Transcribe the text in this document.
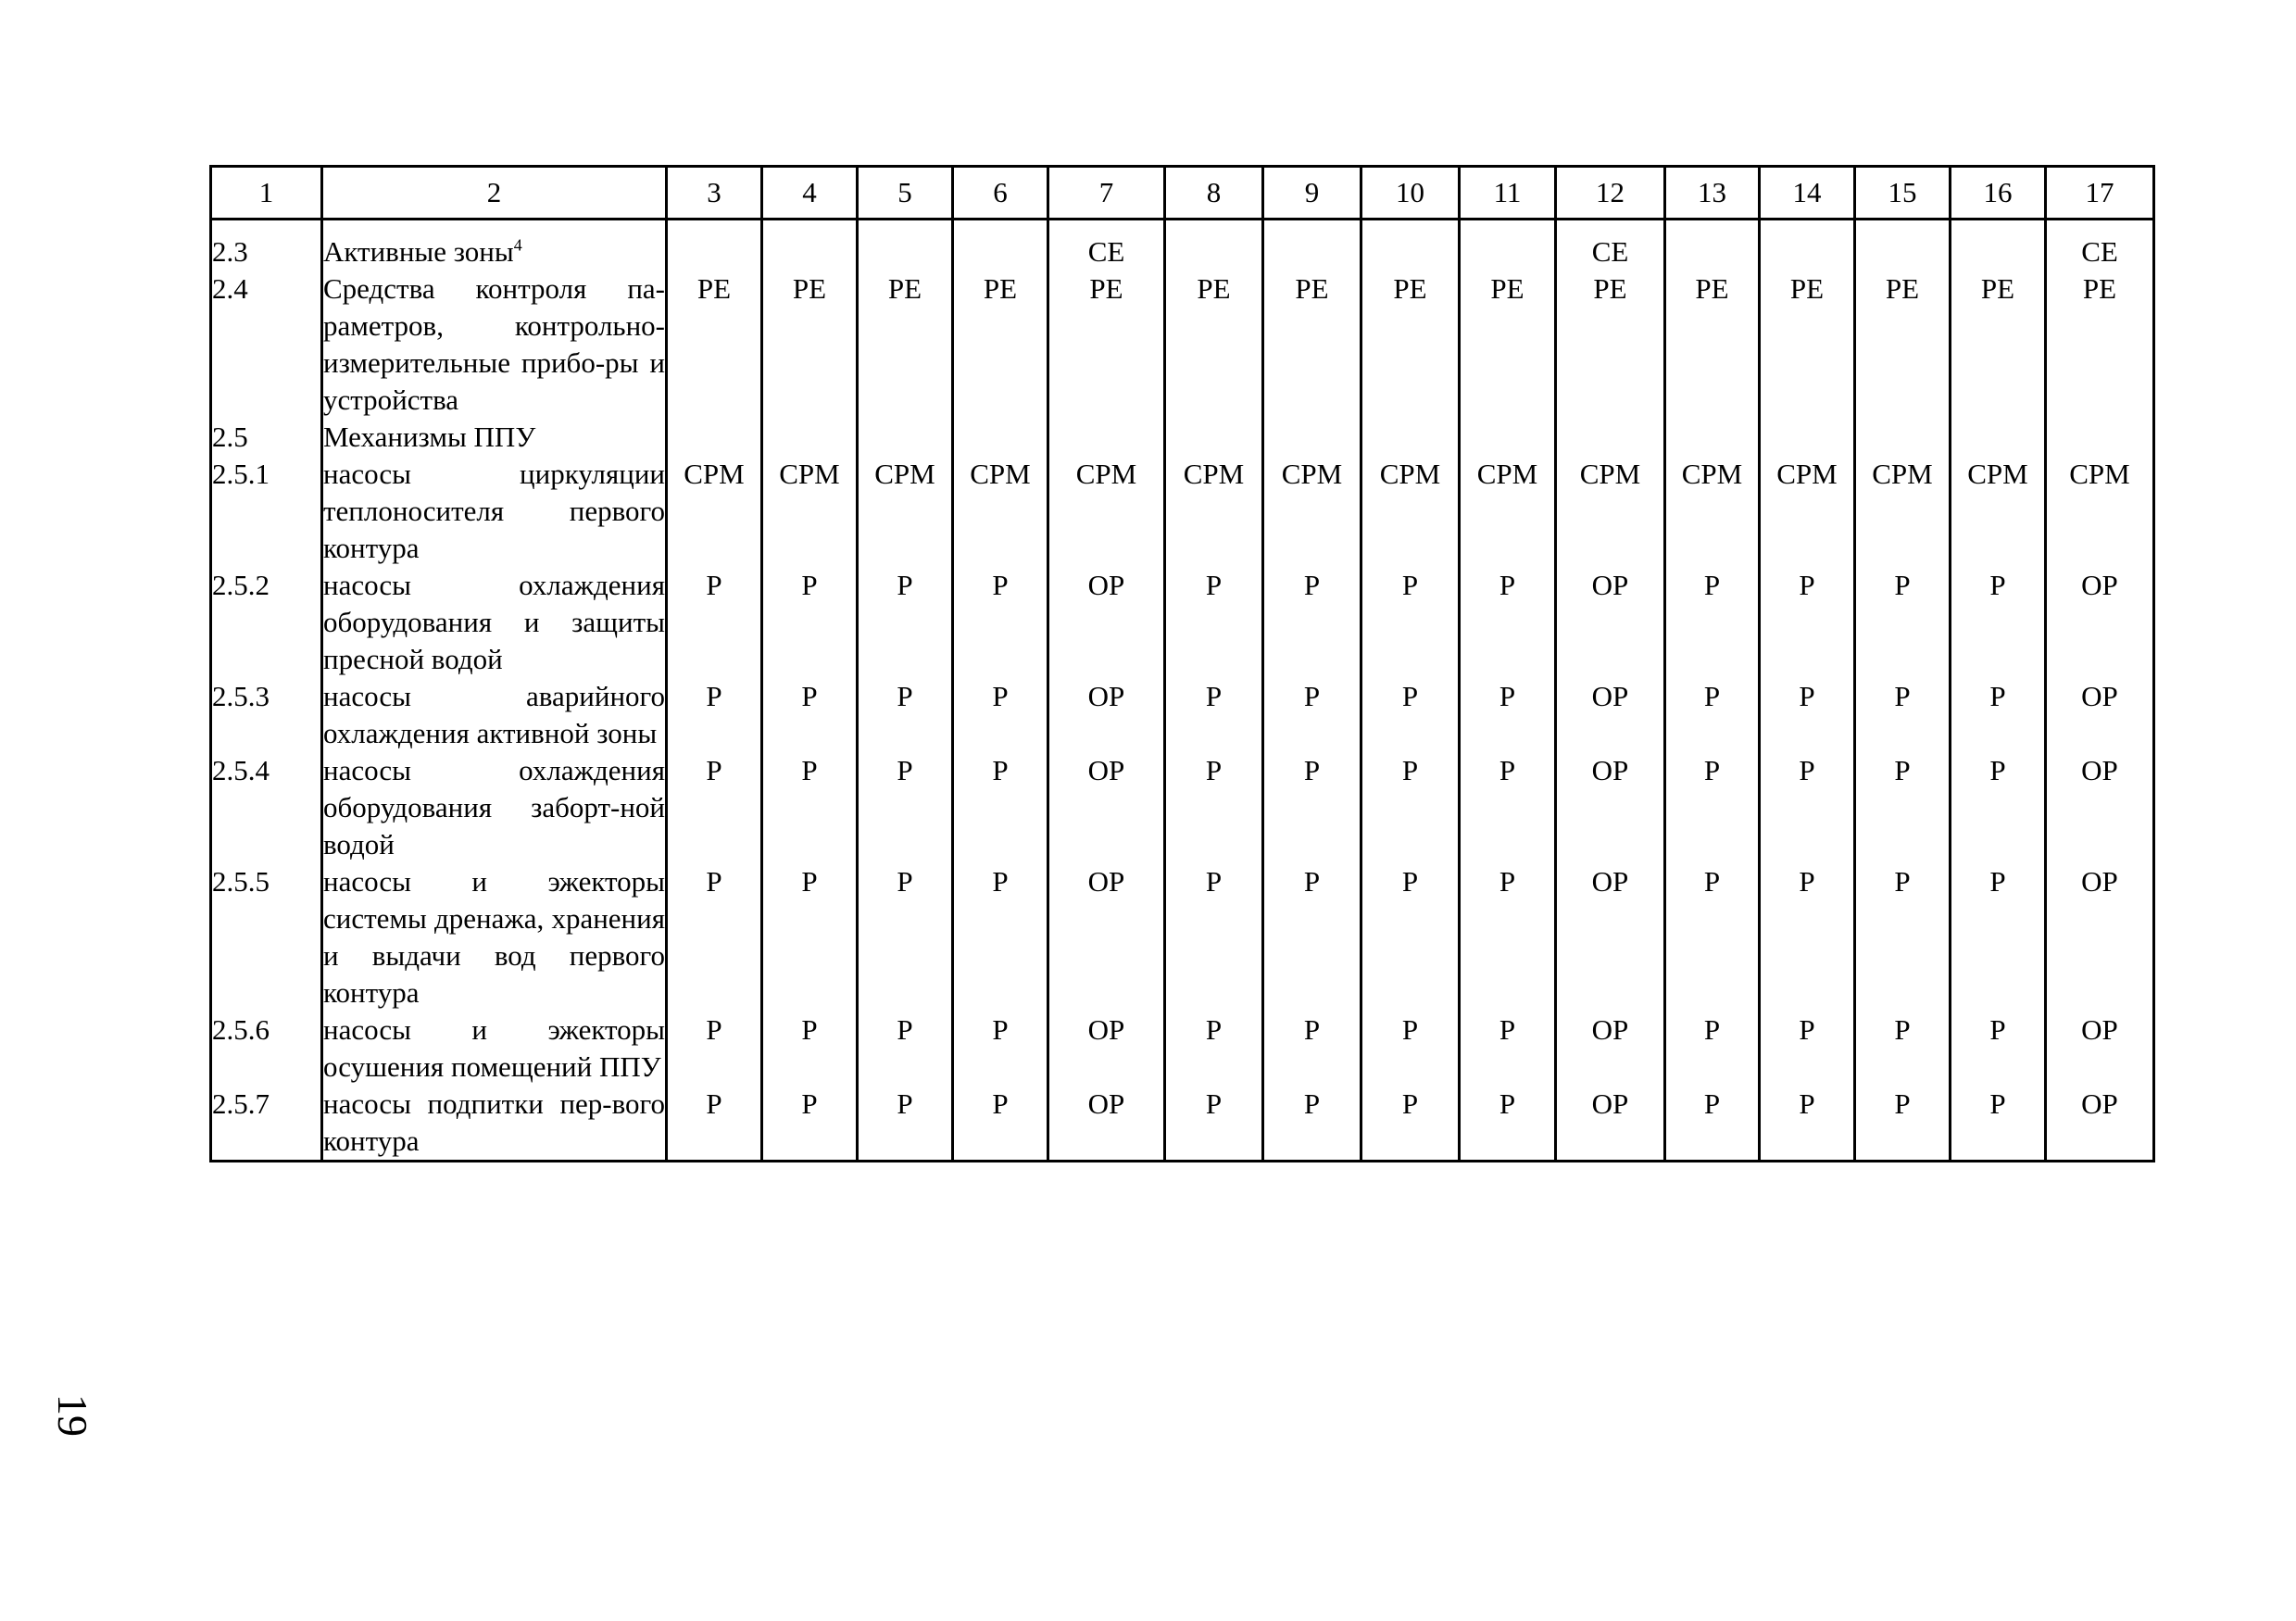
1	2	3	4	5	6	7	8	9	10	11	12	13	14	15	16	17
2.3	Активные зоны$^4$					СЕ					СЕ					СЕ
2.4	Средства контроля па-раметров, контрольно-измерительные прибо-ры и устройства	РЕ	РЕ	РЕ	РЕ	РЕ	РЕ	РЕ	РЕ	РЕ	РЕ	РЕ	РЕ	РЕ	РЕ	РЕ
2.5	Механизмы ППУ															
2.5.1	насосы циркуляции теплоносителя первого контура	СРМ	СРМ	СРМ	СРМ	СРМ	СРМ	СРМ	СРМ	СРМ	СРМ	СРМ	СРМ	СРМ	СРМ	СРМ
2.5.2	насосы охлаждения оборудования и защиты пресной водой	Р	Р	Р	Р	ОР	Р	Р	Р	Р	ОР	Р	Р	Р	Р	ОР
2.5.3	насосы аварийного охлаждения активной зоны	Р	Р	Р	Р	ОР	Р	Р	Р	Р	ОР	Р	Р	Р	Р	ОР
2.5.4	насосы охлаждения оборудования заборт-ной водой	Р	Р	Р	Р	ОР	Р	Р	Р	Р	ОР	Р	Р	Р	Р	ОР
2.5.5	насосы и эжекторы системы дренажа, хранения и выдачи вод первого контура	Р	Р	Р	Р	ОР	Р	Р	Р	Р	ОР	Р	Р	Р	Р	ОР
2.5.6	насосы и эжекторы осушения помещений ППУ	Р	Р	Р	Р	ОР	Р	Р	Р	Р	ОР	Р	Р	Р	Р	ОР
2.5.7	насосы подпитки пер-вого контура	Р	Р	Р	Р	ОР	Р	Р	Р	Р	ОР	Р	Р	Р	Р	ОР
19
